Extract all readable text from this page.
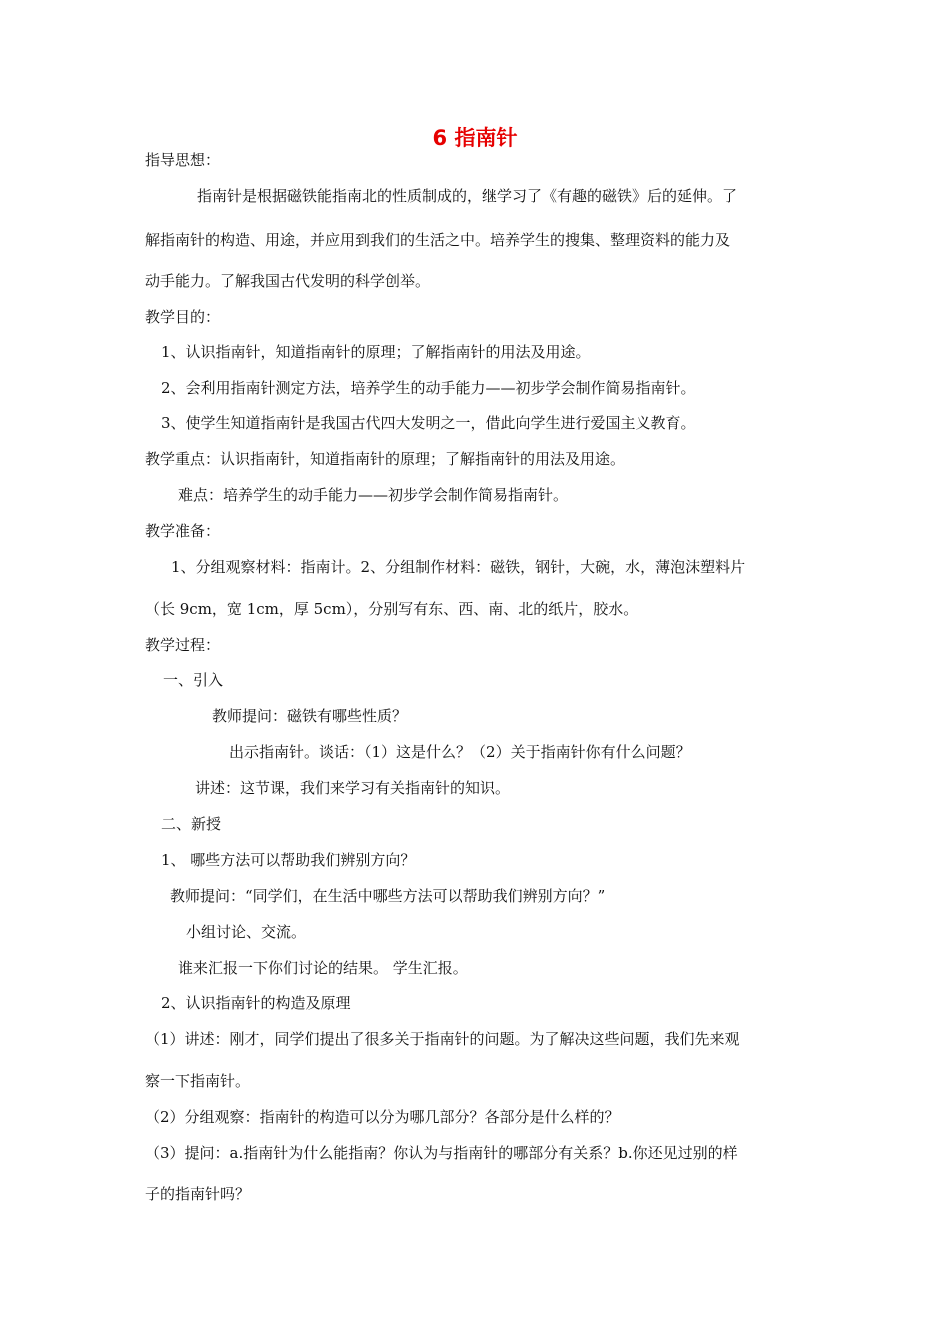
6 指南针
指导思想：
指南针是根据磁铁能指南北的性质制成的，继学习了《有趣的磁铁》后的延伸。了
解指南针的构造、用途，并应用到我们的生活之中。培养学生的搜集、整理资料的能力及
动手能力。了解我国古代发明的科学创举。
教学目的：
1、认识指南针，知道指南针的原理；了解指南针的用法及用途。
2、会利用指南针测定方法，培养学生的动手能力——初步学会制作简易指南针。
3、使学生知道指南针是我国古代四大发明之一，借此向学生进行爱国主义教育。
教学重点：认识指南针，知道指南针的原理；了解指南针的用法及用途。
难点：培养学生的动手能力——初步学会制作简易指南针。
教学准备：
1、分组观察材料：指南计。2、分组制作材料：磁铁，钢针，大碗，水，薄泡沫塑料片
（长 9cm，宽 1cm，厚 5cm），分别写有东、西、南、北的纸片，胶水。
教学过程：
一、引入
教师提问：磁铁有哪些性质？
出示指南针。谈话：（1）这是什么？（2）关于指南针你有什么问题？
讲述：这节课，我们来学习有关指南针的知识。
二、新授
1、 哪些方法可以帮助我们辨别方向？
教师提问：“同学们，在生活中哪些方法可以帮助我们辨别方向？”
小组讨论、交流。
谁来汇报一下你们讨论的结果。 学生汇报。
2、认识指南针的构造及原理
（1）讲述：刚才，同学们提出了很多关于指南针的问题。为了解决这些问题，我们先来观
察一下指南针。
（2）分组观察：指南针的构造可以分为哪几部分？各部分是什么样的？
（3）提问：a.指南针为什么能指南？你认为与指南针的哪部分有关系？b.你还见过别的样
子的指南针吗？
